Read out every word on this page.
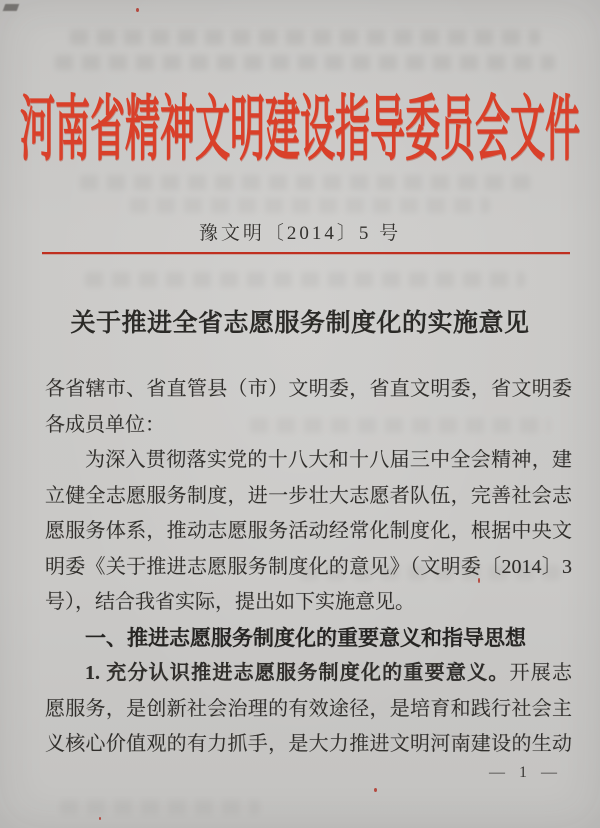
河南省精神文明建设指导委员会文件
豫文明〔2014〕5 号
关于推进全省志愿服务制度化的实施意见
各省辖市、省直管县（市）文明委，省直文明委，省文明委
各成员单位：
为深入贯彻落实党的十八大和十八届三中全会精神，建
立健全志愿服务制度，进一步壮大志愿者队伍，完善社会志
愿服务体系，推动志愿服务活动经常化制度化，根据中央文
明委《关于推进志愿服务制度化的意见》（文明委〔2014〕3
号），结合我省实际，提出如下实施意见。
一、推进志愿服务制度化的重要意义和指导思想
1. 充分认识推进志愿服务制度化的重要意义。开展志
愿服务，是创新社会治理的有效途径，是培育和践行社会主
义核心价值观的有力抓手，是大力推进文明河南建设的生动
— 1 —
